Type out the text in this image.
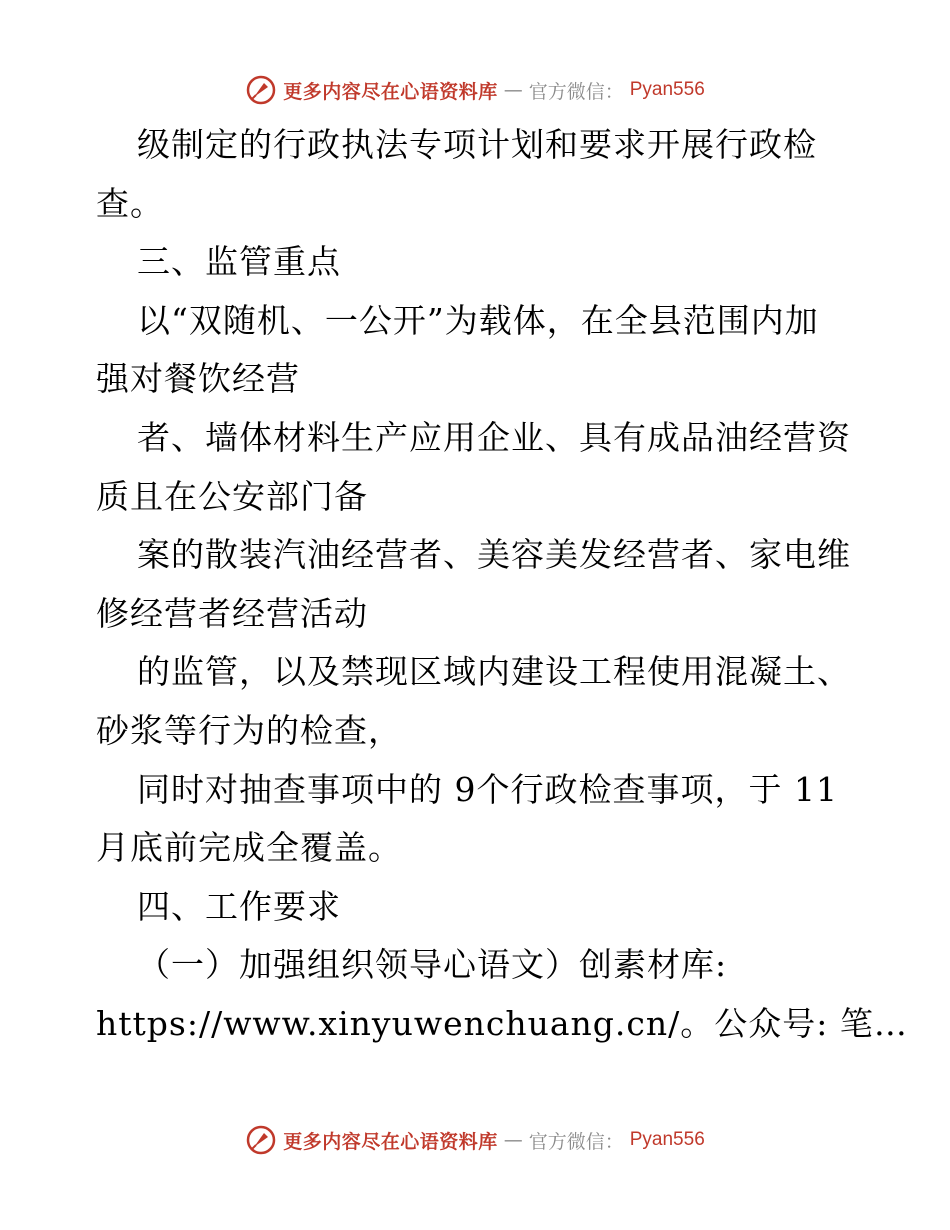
更多内容尽在心语资料库 — 官方微信： Pyan556
级制定的行政执法专项计划和要求开展行政检
查。
三、监管重点
以“双随机、一公开”为载体，在全县范围内加
强对餐饮经营
者、墙体材料生产应用企业、具有成品油经营资
质且在公安部门备
案的散装汽油经营者、美容美发经营者、家电维
修经营者经营活动
的监管，以及禁现区域内建设工程使用混凝土、
砂浆等行为的检查，
同时对抽查事项中的 9个行政检查事项，于 11
月底前完成全覆盖。
四、工作要求
（一）加强组织领导心语文）创素材库:
https://www.xinyuwenchuang.cn/。公众号: 笔…
更多内容尽在心语资料库 — 官方微信： Pyan556
